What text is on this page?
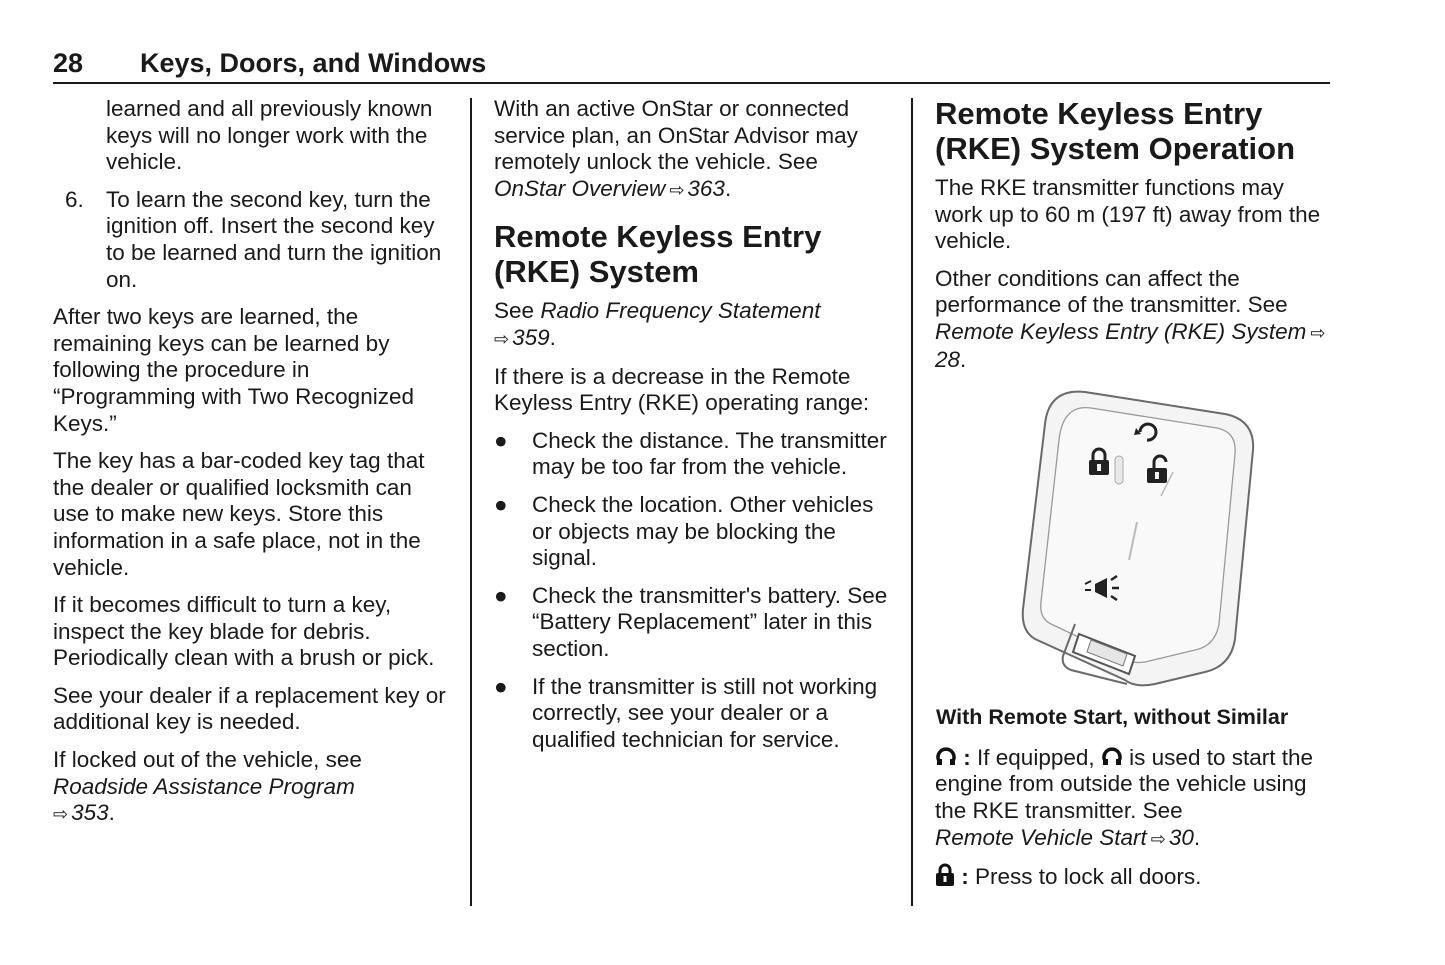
28 Keys, Doors, and Windows

learned and all previously known keys will no longer work with the vehicle.

6. To learn the second key, turn the ignition off. Insert the second key to be learned and turn the ignition on.

After two keys are learned, the remaining keys can be learned by following the procedure in “Programming with Two Recognized Keys.”

The key has a bar-coded key tag that the dealer or qualified locksmith can use to make new keys. Store this information in a safe place, not in the vehicle.

If it becomes difficult to turn a key, inspect the key blade for debris. Periodically clean with a brush or pick.

See your dealer if a replacement key or additional key is needed.

If locked out of the vehicle, see
Roadside Assistance Program
⇨ 353.

With an active OnStar or connected service plan, an OnStar Advisor may remotely unlock the vehicle. See OnStar Overview ⇨ 363.

Remote Keyless Entry (RKE) System

See Radio Frequency Statement
⇨ 359.

If there is a decrease in the Remote Keyless Entry (RKE) operating range:

● Check the distance. The transmitter may be too far from the vehicle.

● Check the location. Other vehicles or objects may be blocking the signal.

● Check the transmitter's battery. See “Battery Replacement” later in this section.

● If the transmitter is still not working correctly, see your dealer or a qualified technician for service.

Remote Keyless Entry (RKE) System Operation

The RKE transmitter functions may work up to 60 m (197 ft) away from the vehicle.

Other conditions can affect the performance of the transmitter. See Remote Keyless Entry (RKE) System ⇨28.

With Remote Start, without Similar

: If equipped, is used to start the engine from outside the vehicle using the RKE transmitter. See
Remote Vehicle Start ⇨ 30.

: Press to lock all doors.
